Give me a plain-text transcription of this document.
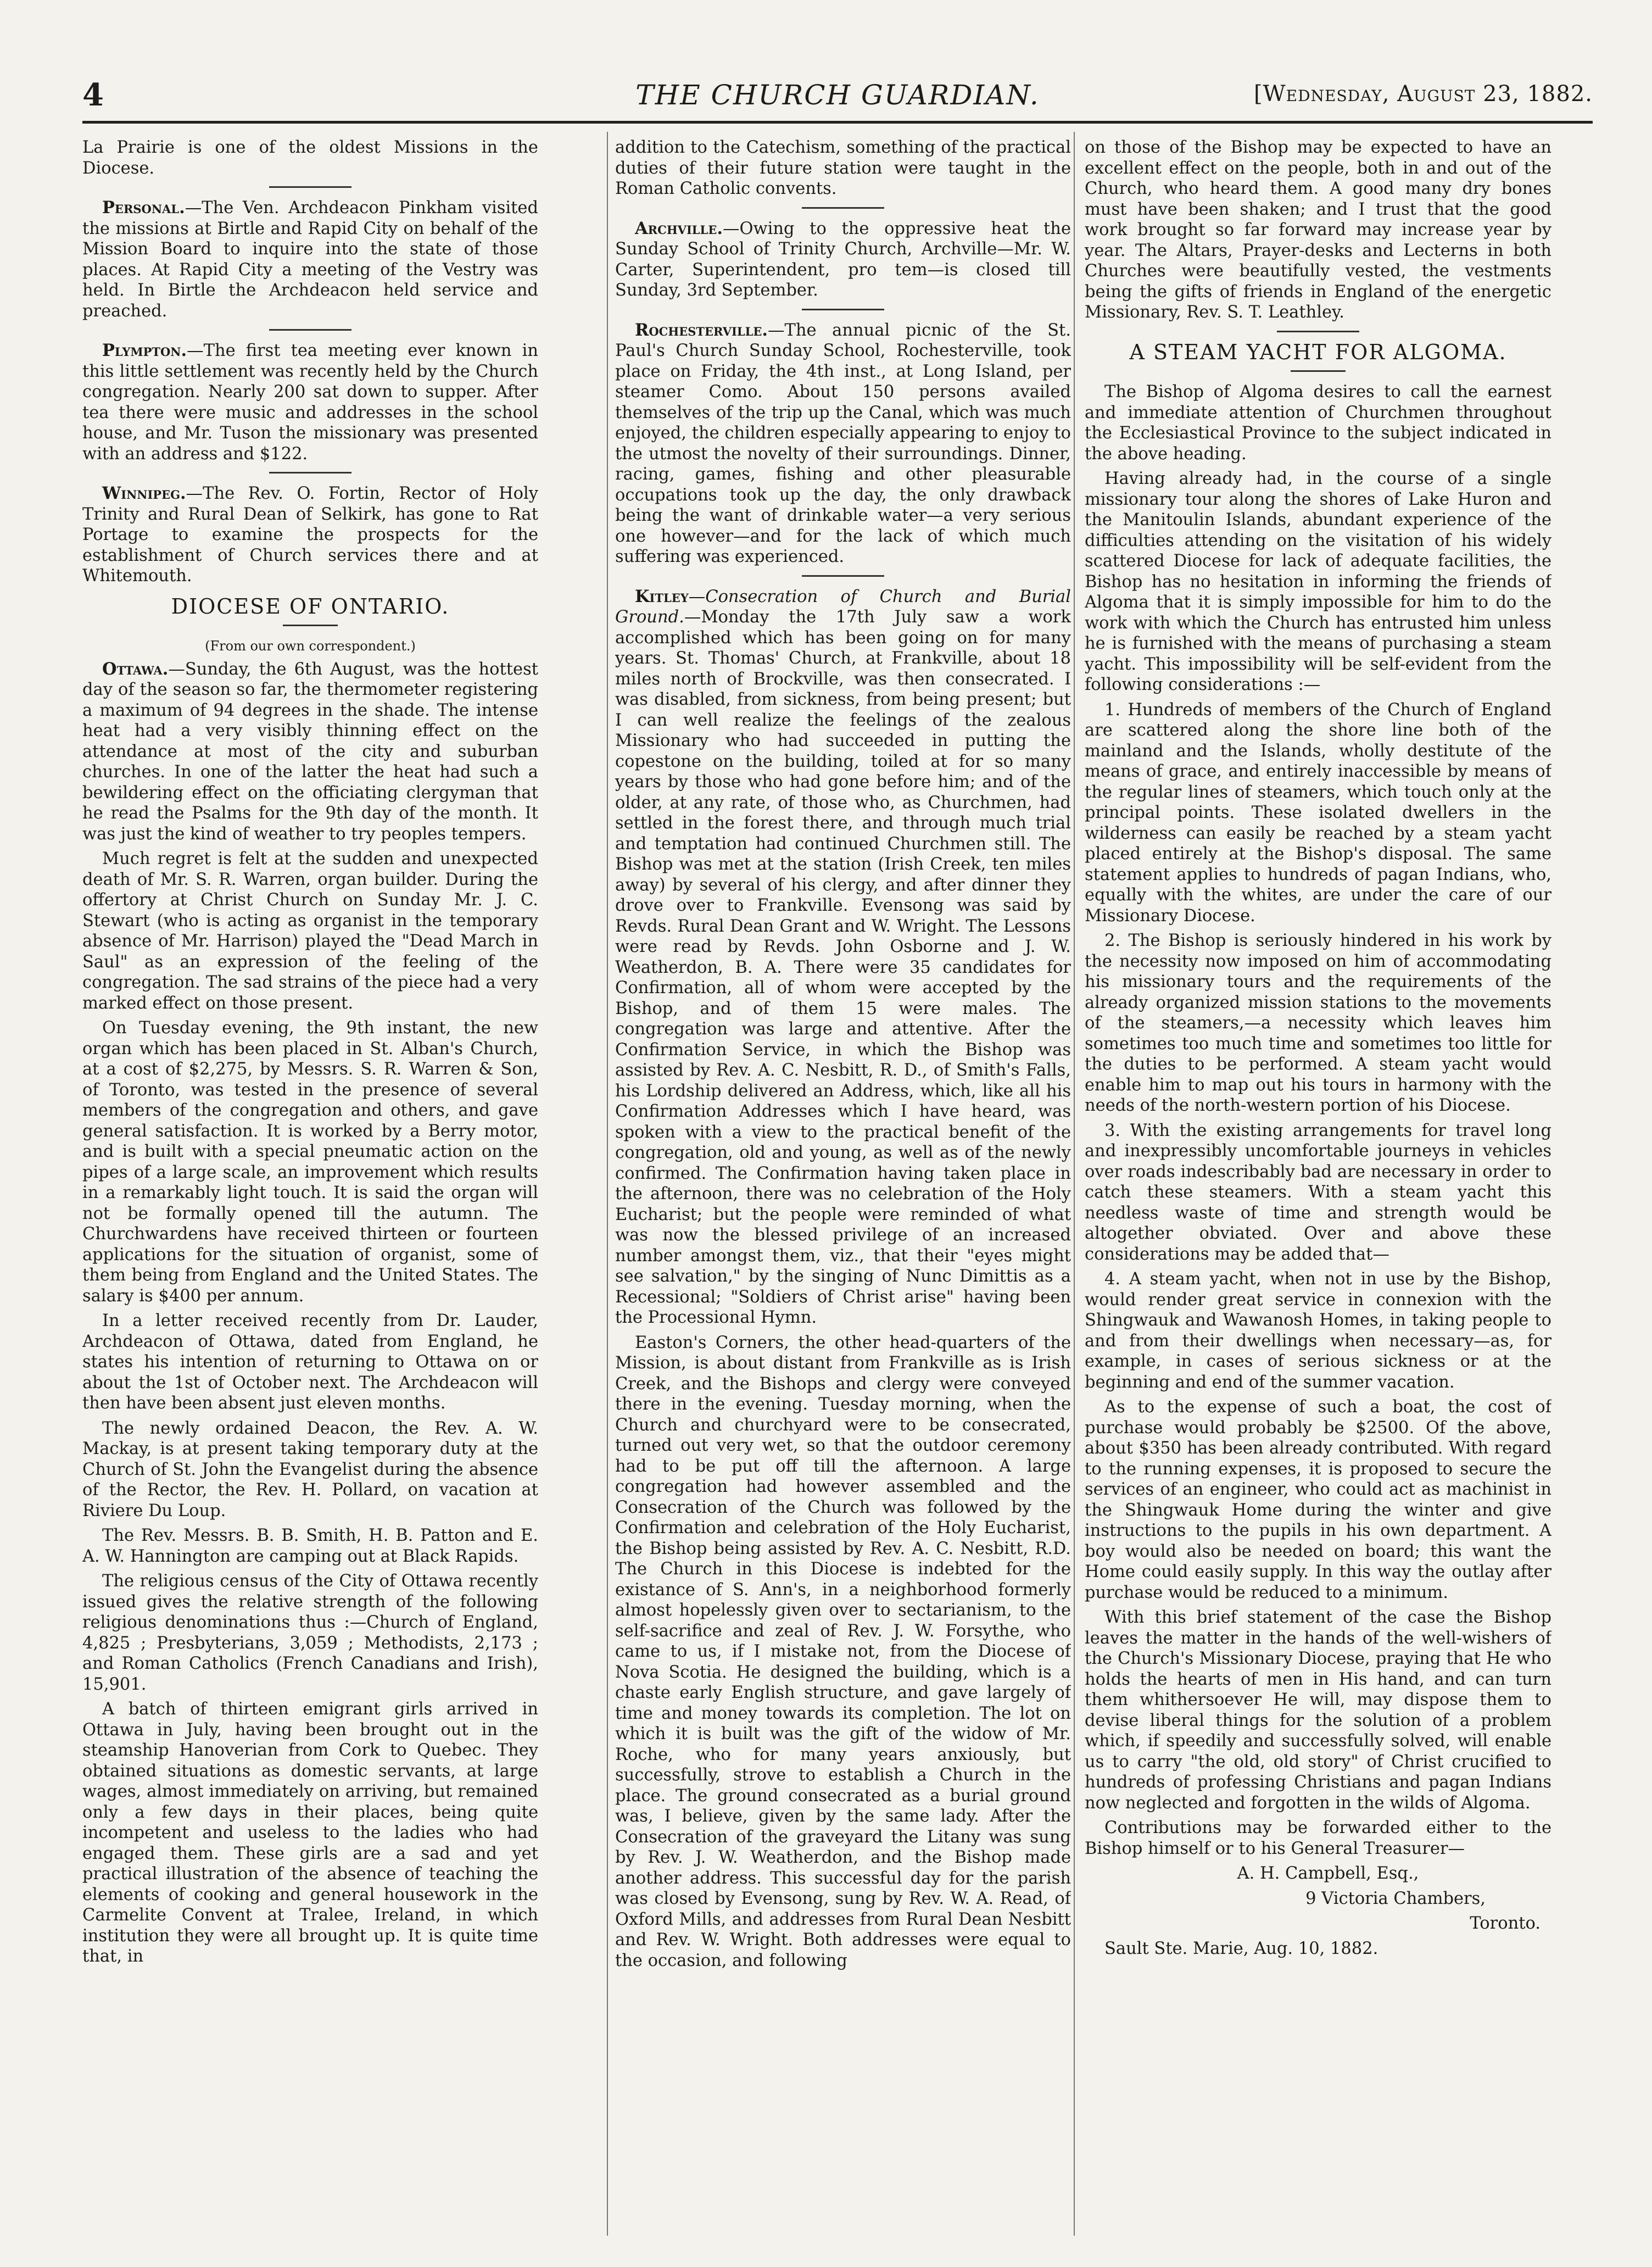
4	THE CHURCH GUARDIAN.	[Wednesday, August 23, 1882.

La Prairie is one of the oldest Missions in the Diocese.

Personal.—The Ven. Archdeacon Pinkham visited the missions at Birtle and Rapid City on behalf of the Mission Board to inquire into the state of those places. At Rapid City a meeting of the Vestry was held. In Birtle the Archdeacon held service and preached.

Plympton.—The first tea meeting ever known in this little settlement was recently held by the Church congregation. Nearly 200 sat down to supper. After tea there were music and addresses in the school house, and Mr. Tuson the missionary was presented with an address and $122.

Winnipeg.—The Rev. O. Fortin, Rector of Holy Trinity and Rural Dean of Selkirk, has gone to Rat Portage to examine the prospects for the establishment of Church services there and at Whitemouth.

DIOCESE OF ONTARIO.
(From our own correspondent.)

Ottawa.—Sunday, the 6th August, was the hottest day of the season so far, the thermometer registering a maximum of 94 degrees in the shade. The intense heat had a very visibly thinning effect on the attendance at most of the city and suburban churches. In one of the latter the heat had such a bewildering effect on the officiating clergyman that he read the Psalms for the 9th day of the month. It was just the kind of weather to try peoples tempers.

Much regret is felt at the sudden and unexpected death of Mr. S. R. Warren, organ builder. During the offertory at Christ Church on Sunday Mr. J. C. Stewart (who is acting as organist in the temporary absence of Mr. Harrison) played the "Dead March in Saul" as an expression of the feeling of the congregation. The sad strains of the piece had a very marked effect on those present.

On Tuesday evening, the 9th instant, the new organ which has been placed in St. Alban's Church, at a cost of $2,275, by Messrs. S. R. Warren & Son, of Toronto, was tested in the presence of several members of the congregation and others, and gave general satisfaction. It is worked by a Berry motor, and is built with a special pneumatic action on the pipes of a large scale, an improvement which results in a remarkably light touch. It is said the organ will not be formally opened till the autumn. The Churchwardens have received thirteen or fourteen applications for the situation of organist, some of them being from England and the United States. The salary is $400 per annum.

In a letter received recently from Dr. Lauder, Archdeacon of Ottawa, dated from England, he states his intention of returning to Ottawa on or about the 1st of October next. The Archdeacon will then have been absent just eleven months.

The newly ordained Deacon, the Rev. A. W. Mackay, is at present taking temporary duty at the Church of St. John the Evangelist during the absence of the Rector, the Rev. H. Pollard, on vacation at Riviere Du Loup.

The Rev. Messrs. B. B. Smith, H. B. Patton and E. A. W. Hannington are camping out at Black Rapids.

The religious census of the City of Ottawa recently issued gives the relative strength of the following religious denominations thus :—Church of England, 4,825 ; Presbyterians, 3,059 ; Methodists, 2,173 ; and Roman Catholics (French Canadians and Irish), 15,901.

A batch of thirteen emigrant girls arrived in Ottawa in July, having been brought out in the steamship Hanoverian from Cork to Quebec. They obtained situations as domestic servants, at large wages, almost immediately on arriving, but remained only a few days in their places, being quite incompetent and useless to the ladies who had engaged them. These girls are a sad and yet practical illustration of the absence of teaching the elements of cooking and general housework in the Carmelite Convent at Tralee, Ireland, in which institution they were all brought up. It is quite time that, in

addition to the Catechism, something of the practical duties of their future station were taught in the Roman Catholic convents.

Archville.—Owing to the oppressive heat the Sunday School of Trinity Church, Archville—Mr. W. Carter, Superintendent, pro tem—is closed till Sunday, 3rd September.

Rochesterville.—The annual picnic of the St. Paul's Church Sunday School, Rochesterville, took place on Friday, the 4th inst., at Long Island, per steamer Como. About 150 persons availed themselves of the trip up the Canal, which was much enjoyed, the children especially appearing to enjoy to the utmost the novelty of their surroundings. Dinner, racing, games, fishing and other pleasurable occupations took up the day, the only drawback being the want of drinkable water—a very serious one however—and for the lack of which much suffering was experienced.

Kitley—Consecration of Church and Burial Ground.—Monday the 17th July saw a work accomplished which has been going on for many years. St. Thomas' Church, at Frankville, about 18 miles north of Brockville, was then consecrated. I was disabled, from sickness, from being present; but I can well realize the feelings of the zealous Missionary who had succeeded in putting the copestone on the building, toiled at for so many years by those who had gone before him; and of the older, at any rate, of those who, as Churchmen, had settled in the forest there, and through much trial and temptation had continued Churchmen still. The Bishop was met at the station (Irish Creek, ten miles away) by several of his clergy, and after dinner they drove over to Frankville. Evensong was said by Revds. Rural Dean Grant and W. Wright. The Lessons were read by Revds. John Osborne and J. W. Weatherdon, B. A. There were 35 candidates for Confirmation, all of whom were accepted by the Bishop, and of them 15 were males. The congregation was large and attentive. After the Confirmation Service, in which the Bishop was assisted by Rev. A. C. Nesbitt, R. D., of Smith's Falls, his Lordship delivered an Address, which, like all his Confirmation Addresses which I have heard, was spoken with a view to the practical benefit of the congregation, old and young, as well as of the newly confirmed. The Confirmation having taken place in the afternoon, there was no celebration of the Holy Eucharist; but the people were reminded of what was now the blessed privilege of an increased number amongst them, viz., that their "eyes might see salvation," by the singing of Nunc Dimittis as a Recessional; "Soldiers of Christ arise" having been the Processional Hymn.

Easton's Corners, the other head-quarters of the Mission, is about distant from Frankville as is Irish Creek, and the Bishops and clergy were conveyed there in the evening. Tuesday morning, when the Church and churchyard were to be consecrated, turned out very wet, so that the outdoor ceremony had to be put off till the afternoon. A large congregation had however assembled and the Consecration of the Church was followed by the Confirmation and celebration of the Holy Eucharist, the Bishop being assisted by Rev. A. C. Nesbitt, R.D. The Church in this Diocese is indebted for the existance of S. Ann's, in a neighborhood formerly almost hopelessly given over to sectarianism, to the self-sacrifice and zeal of Rev. J. W. Forsythe, who came to us, if I mistake not, from the Diocese of Nova Scotia. He designed the building, which is a chaste early English structure, and gave largely of time and money towards its completion. The lot on which it is built was the gift of the widow of Mr. Roche, who for many years anxiously, but successfully, strove to establish a Church in the place. The ground consecrated as a burial ground was, I believe, given by the same lady. After the Consecration of the graveyard the Litany was sung by Rev. J. W. Weatherdon, and the Bishop made another address. This successful day for the parish was closed by Evensong, sung by Rev. W. A. Read, of Oxford Mills, and addresses from Rural Dean Nesbitt and Rev. W. Wright. Both addresses were equal to the occasion, and following

on those of the Bishop may be expected to have an excellent effect on the people, both in and out of the Church, who heard them. A good many dry bones must have been shaken; and I trust that the good work brought so far forward may increase year by year. The Altars, Prayer-desks and Lecterns in both Churches were beautifully vested, the vestments being the gifts of friends in England of the energetic Missionary, Rev. S. T. Leathley.

A STEAM YACHT FOR ALGOMA.

The Bishop of Algoma desires to call the earnest and immediate attention of Churchmen throughout the Ecclesiastical Province to the subject indicated in the above heading.

Having already had, in the course of a single missionary tour along the shores of Lake Huron and the Manitoulin Islands, abundant experience of the difficulties attending on the visitation of his widely scattered Diocese for lack of adequate facilities, the Bishop has no hesitation in informing the friends of Algoma that it is simply impossible for him to do the work with which the Church has entrusted him unless he is furnished with the means of purchasing a steam yacht. This impossibility will be self-evident from the following considerations :—

1. Hundreds of members of the Church of England are scattered along the shore line both of the mainland and the Islands, wholly destitute of the means of grace, and entirely inaccessible by means of the regular lines of steamers, which touch only at the principal points. These isolated dwellers in the wilderness can easily be reached by a steam yacht placed entirely at the Bishop's disposal. The same statement applies to hundreds of pagan Indians, who, equally with the whites, are under the care of our Missionary Diocese.

2. The Bishop is seriously hindered in his work by the necessity now imposed on him of accommodating his missionary tours and the requirements of the already organized mission stations to the movements of the steamers,—a necessity which leaves him sometimes too much time and sometimes too little for the duties to be performed. A steam yacht would enable him to map out his tours in harmony with the needs of the north-western portion of his Diocese.

3. With the existing arrangements for travel long and inexpressibly uncomfortable journeys in vehicles over roads indescribably bad are necessary in order to catch these steamers. With a steam yacht this needless waste of time and strength would be altogether obviated. Over and above these considerations may be added that—

4. A steam yacht, when not in use by the Bishop, would render great service in connexion with the Shingwauk and Wawanosh Homes, in taking people to and from their dwellings when necessary—as, for example, in cases of serious sickness or at the beginning and end of the summer vacation.

As to the expense of such a boat, the cost of purchase would probably be $2500. Of the above, about $350 has been already contributed. With regard to the running expenses, it is proposed to secure the services of an engineer, who could act as machinist in the Shingwauk Home during the winter and give instructions to the pupils in his own department. A boy would also be needed on board; this want the Home could easily supply. In this way the outlay after purchase would be reduced to a minimum.

With this brief statement of the case the Bishop leaves the matter in the hands of the well-wishers of the Church's Missionary Diocese, praying that He who holds the hearts of men in His hand, and can turn them whithersoever He will, may dispose them to devise liberal things for the solution of a problem which, if speedily and successfully solved, will enable us to carry "the old, old story" of Christ crucified to hundreds of professing Christians and pagan Indians now neglected and forgotten in the wilds of Algoma.

Contributions may be forwarded either to the Bishop himself or to his General Treasurer—

A. H. Campbell, Esq.,

9 Victoria Chambers,

Toronto.

Sault Ste. Marie, Aug. 10, 1882.
